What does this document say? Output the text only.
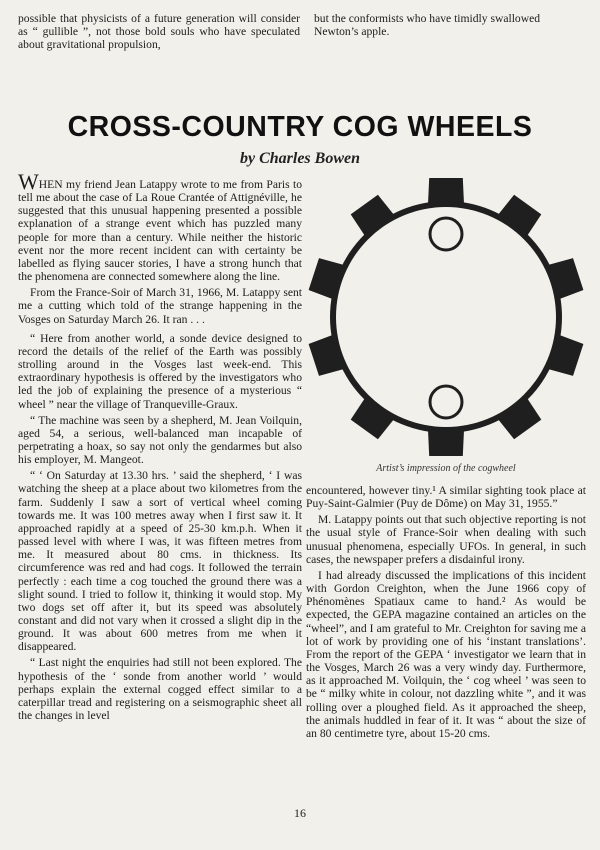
possible that physicists of a future generation will consider as “ gullible ”, not those bold souls who have speculated about gravitational propulsion,
but the conformists who have timidly swallowed Newton’s apple.
CROSS-COUNTRY COG WHEELS
by Charles Bowen

WHEN my friend Jean Latappy wrote to me from Paris to tell me about the case of La Roue Crantée of Attignéville, he suggested that this unusual happening presented a possible explanation of a strange event which has puzzled many people for more than a century. While neither the historic event nor the more recent incident can with certainty be labelled as flying saucer stories, I have a strong hunch that the phenomena are connected somewhere along the line.

From the France-Soir of March 31, 1966, M. Latappy sent me a cutting which told of the strange happening in the Vosges on Saturday March 26. It ran . . .

“ Here from another world, a sonde device designed to record the details of the relief of the Earth was possibly strolling around in the Vosges last week-end. This extraordinary hypothesis is offered by the investigators who led the job of explaining the presence of a mysterious “ wheel ” near the village of Tranqueville-Graux.

“ The machine was seen by a shepherd, M. Jean Voilquin, aged 54, a serious, well-balanced man incapable of perpetrating a hoax, so say not only the gendarmes but also his employer, M. Mangeot.

“ ‘ On Saturday at 13.30 hrs. ’ said the shepherd, ‘ I was watching the sheep at a place about two kilometres from the farm. Suddenly I saw a sort of vertical wheel coming towards me. It was 100 metres away when I first saw it. It approached rapidly at a speed of 25-30 km.p.h. When it passed level with where I was, it was fifteen metres from me. It measured about 80 cms. in thickness. Its circumference was red and had cogs. It followed the terrain perfectly : each time a cog touched the ground there was a slight sound. I tried to follow it, thinking it would stop. My two dogs set off after it, but its speed was absolutely constant and did not vary when it crossed a slight dip in the ground. It was about 600 metres from me when it disappeared.

“ Last night the enquiries had still not been explored. The hypothesis of the ‘ sonde from another world ’ would perhaps explain the external cogged effect similar to a caterpillar tread and registering on a seismographic sheet all the changes in level

Artist’s impression of the cogwheel

encountered, however tiny.¹ A similar sighting took place at Puy-Saint-Galmier (Puy de Dôme) on May 31, 1955.”

M. Latappy points out that such objective reporting is not the usual style of France-Soir when dealing with such unusual phenomena, especially UFOs. In general, in such cases, the newspaper prefers a disdainful irony.

I had already discussed the implications of this incident with Gordon Creighton, when the June 1966 copy of Phénomènes Spatiaux came to hand.² As would be expected, the GEPA magazine contained an articles on the “wheel”, and I am grateful to Mr. Creighton for saving me a lot of work by providing one of his ‘instant translations’. From the report of the GEPA ‘ investigator we learn that in the Vosges, March 26 was a very windy day. Furthermore, as it approached M. Voilquin, the ‘ cog wheel ’ was seen to be “ milky white in colour, not dazzling white ”, and it was rolling over a ploughed field. As it approached the sheep, the animals huddled in fear of it. It was “ about the size of an 80 centimetre tyre, about 15-20 cms.

16
